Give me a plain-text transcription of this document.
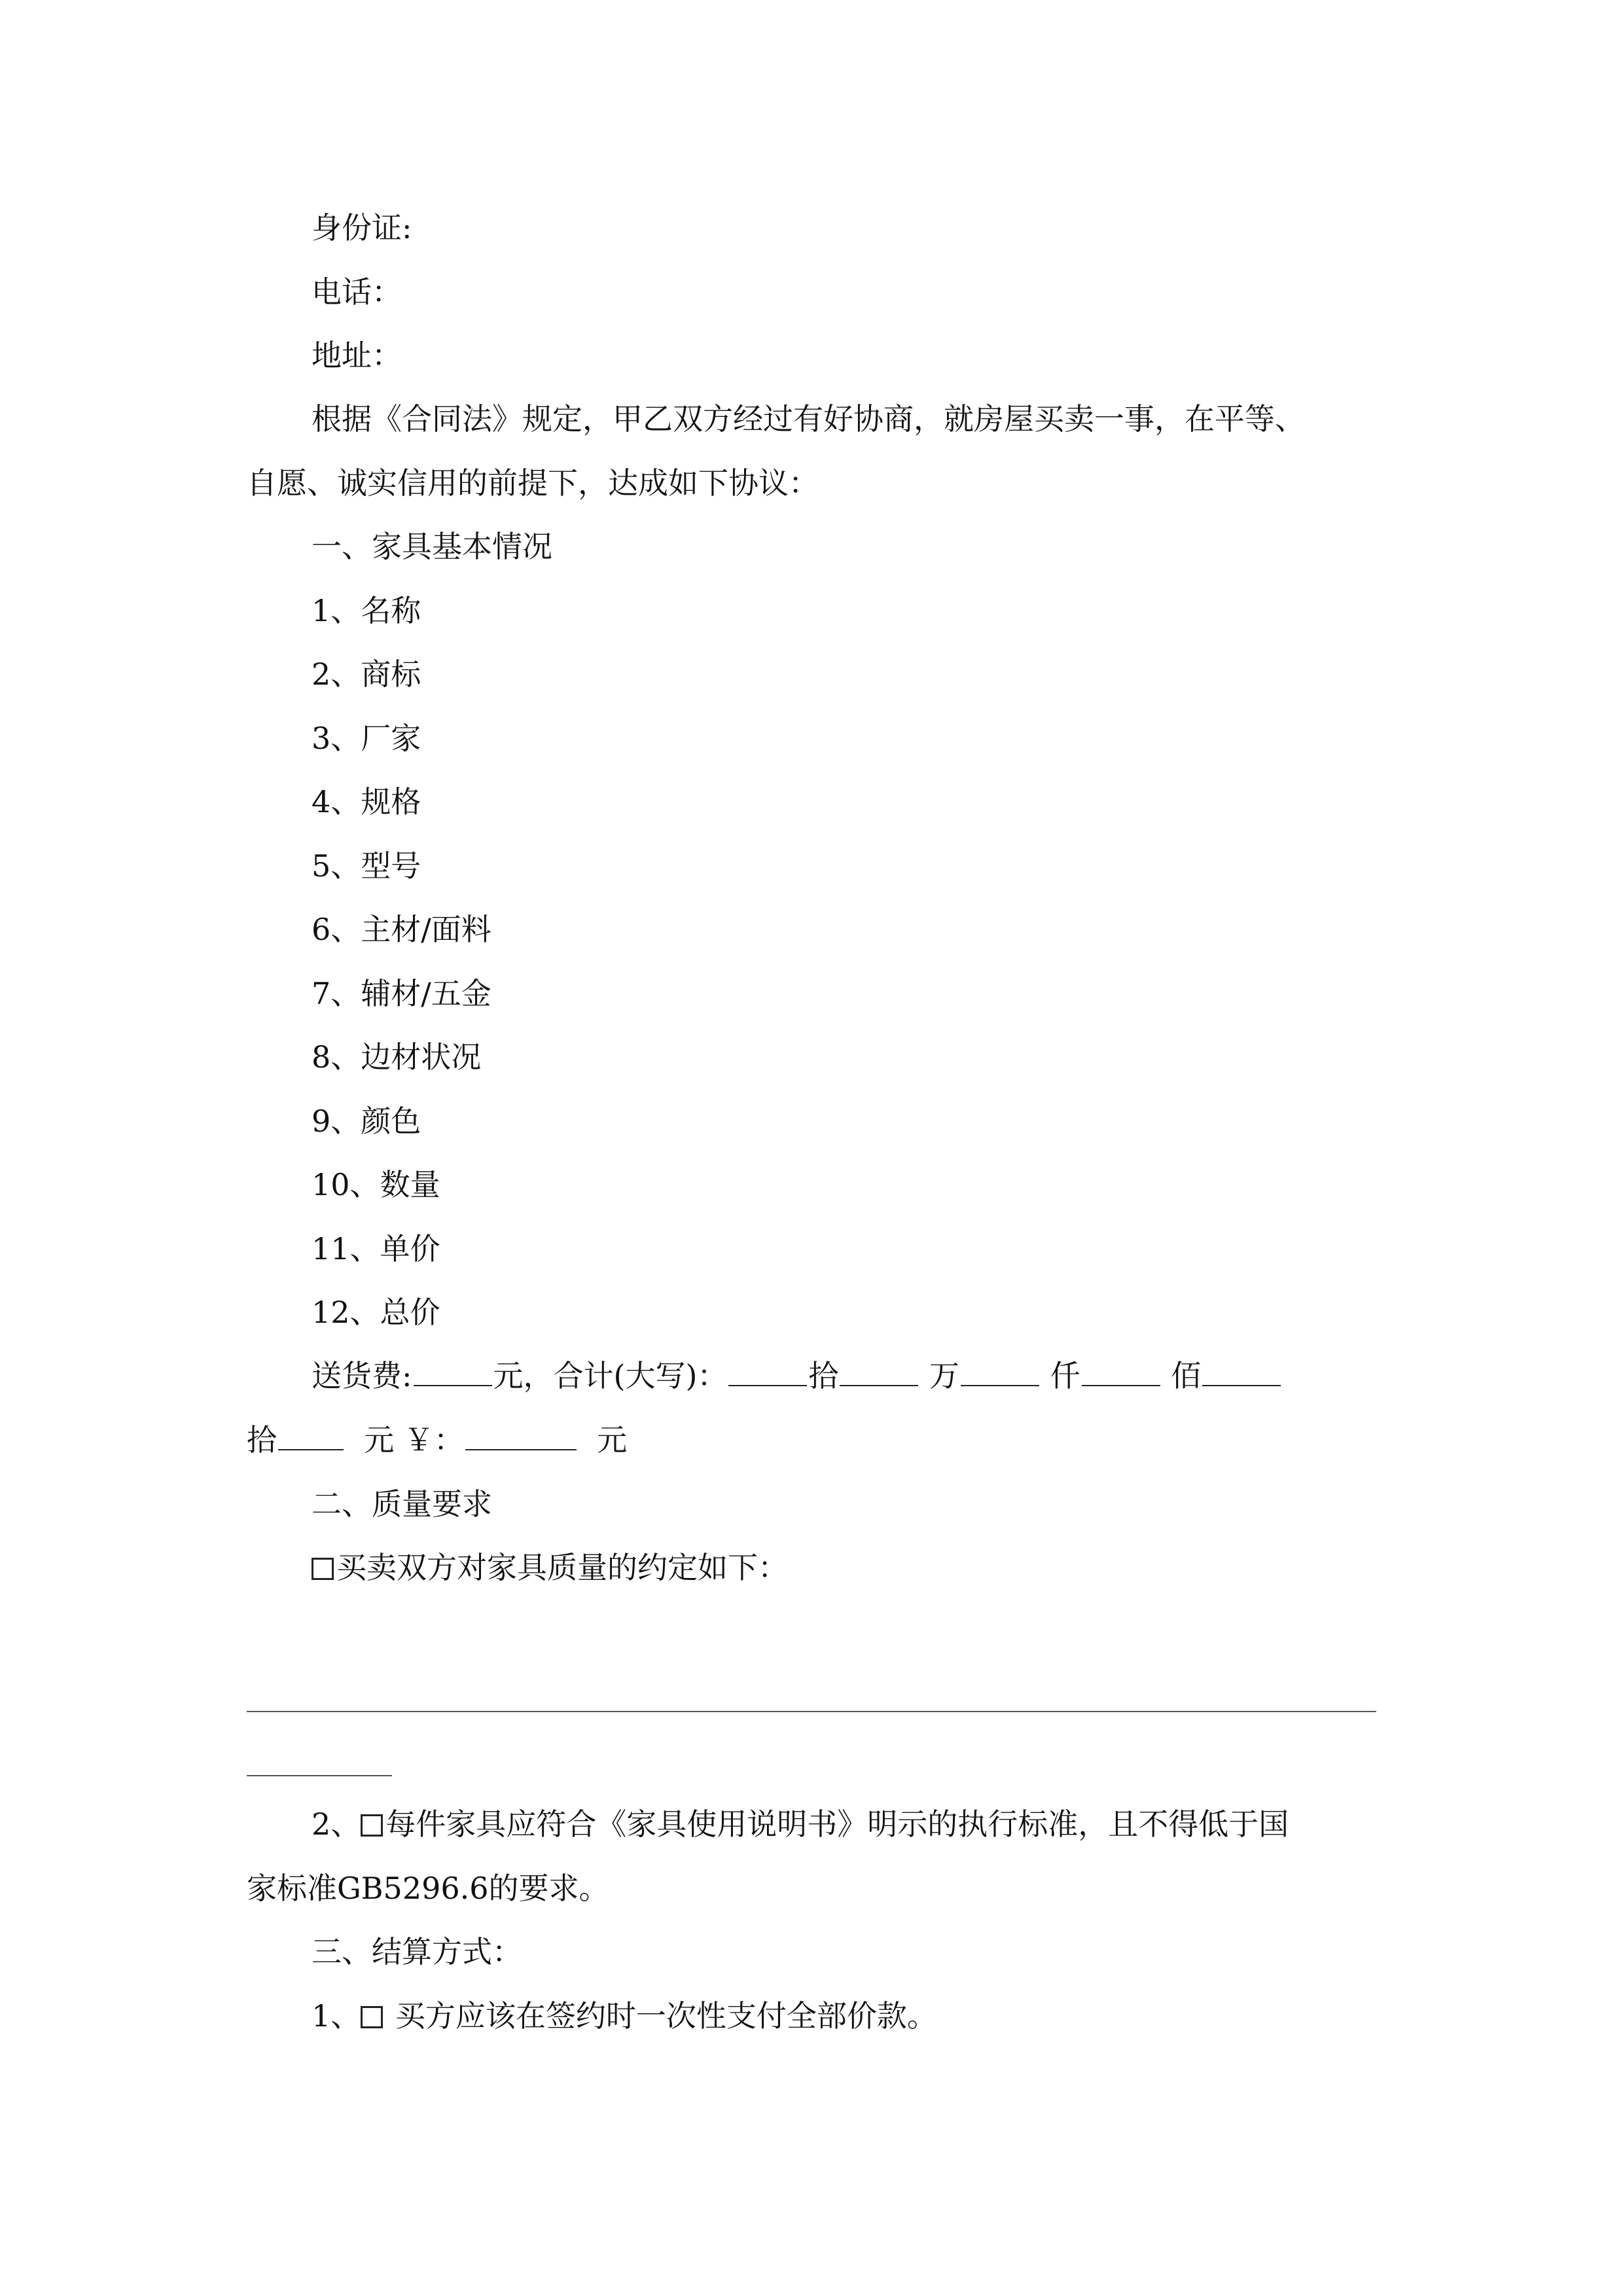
身份证:
电话：
地址：
根据《合同法》规定，甲乙双方经过有好协商，就房屋买卖一事，在平等、
自愿、诚实信用的前提下，达成如下协议：
一、家具基本情况
1、名称
2、商标
3、厂家
4、规格
5、型号
6、主材/面料
7、辅材/五金
8、边材状况
9、颜色
10、数量
11、单价
12、总价
送货费:	元，合计(大写)：	拾	万	仟	佰
拾	元 ￥：	元
二、质量要求
买卖双方对家具质量的约定如下：
2、 每件家具应符合《家具使用说明书》明示的执行标准，且不得低于国
家标准GB5296.6的要求。
三、结算方式：
1、 买方应该在签约时一次性支付全部价款。
